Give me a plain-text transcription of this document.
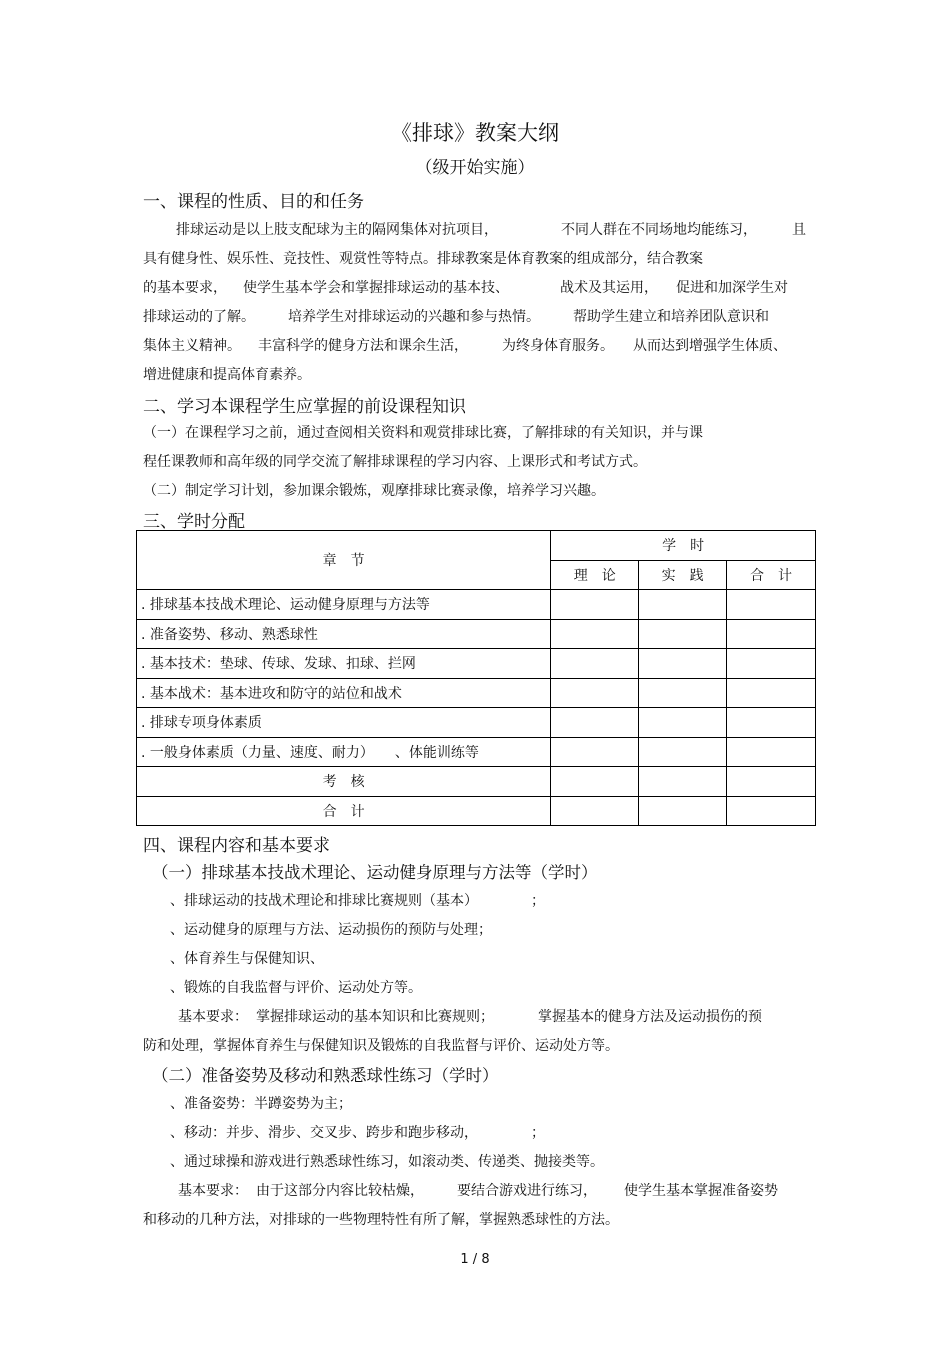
《排球》教案大纲
（级开始实施）
一、课程的性质、目的和任务
排球运动是以上肢支配球为主的隔网集体对抗项目，	不同人群在不同场地均能练习，	且
具有健身性、娱乐性、竞技性、观赏性等特点。排球教案是体育教案的组成部分，结合教案
的基本要求， 使学生基本学会和掌握排球运动的基本技、	战术及其运用， 促进和加深学生对
排球运动的了解。 培养学生对排球运动的兴趣和参与热情。 帮助学生建立和培养团队意识和
集体主义精神。 丰富科学的健身方法和课余生活， 为终身体育服务。 从而达到增强学生体质、
增进健康和提高体育素养。
二、学习本课程学生应掌握的前设课程知识
（一）在课程学习之前，通过查阅相关资料和观赏排球比赛，了解排球的有关知识，并与课
程任课教师和高年级的同学交流了解排球课程的学习内容、上课形式和考试方式。
（二）制定学习计划，参加课余锻炼，观摩排球比赛录像，培养学习兴趣。
三、学时分配
章　节	学　时		
	理　论	实　践	合　计
. 排球基本技战术理论、运动健身原理与方法等			
. 准备姿势、移动、熟悉球性			
. 基本技术：垫球、传球、发球、扣球、拦网			
. 基本战术：基本进攻和防守的站位和战术			
. 排球专项身体素质			
. 一般身体素质（力量、速度、耐力）　　、体能训练等			
考　核			
合　计			
四、课程内容和基本要求
（一）排球基本技战术理论、运动健身原理与方法等（学时）
、排球运动的技战术理论和排球比赛规则（基本）	；
、运动健身的原理与方法、运动损伤的预防与处理；
、体育养生与保健知识、
、锻炼的自我监督与评价、运动处方等。
基本要求： 掌握排球运动的基本知识和比赛规则；	掌握基本的健身方法及运动损伤的预
防和处理，掌握体育养生与保健知识及锻炼的自我监督与评价、运动处方等。
（二）准备姿势及移动和熟悉球性练习（学时）
、准备姿势：半蹲姿势为主；
、移动：并步、滑步、交叉步、跨步和跑步移动，	；
、通过球操和游戏进行熟悉球性练习，如滚动类、传递类、抛接类等。
基本要求： 由于这部分内容比较枯燥， 要结合游戏进行练习， 使学生基本掌握准备姿势
和移动的几种方法，对排球的一些物理特性有所了解，掌握熟悉球性的方法。
1 / 8
